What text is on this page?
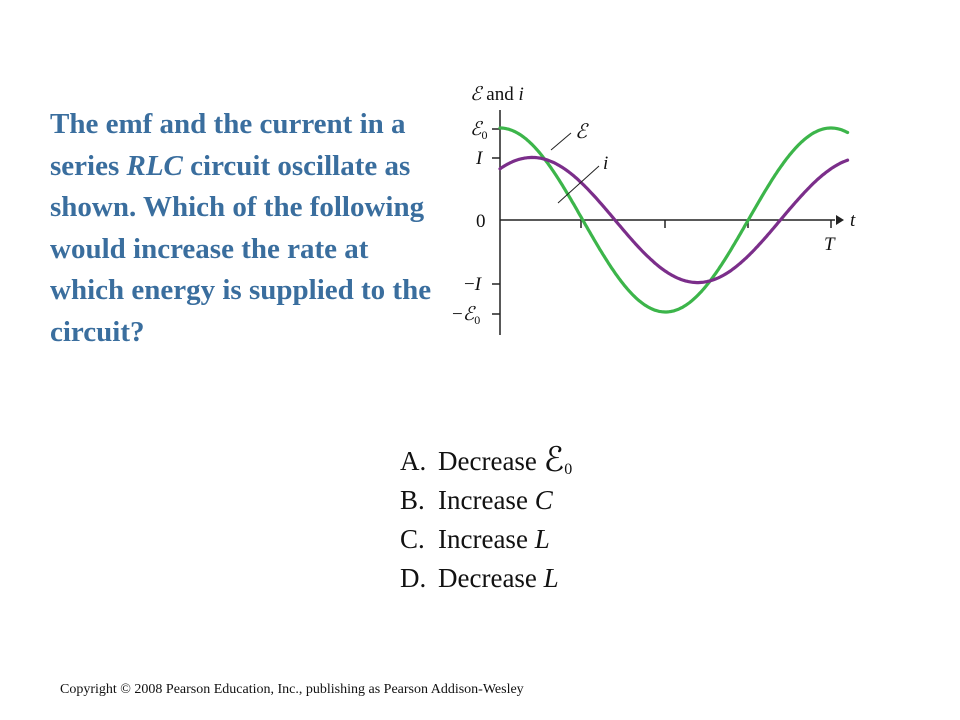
The emf and the current in a series RLC circuit oscillate as shown. Which of the following would increase the rate at which energy is supplied to the circuit?

ℰ and i
ℰ$_0$
I
0
−I
−ℰ$_0$
t
T
ℰ
i
A. Decrease ℰ0
B. Increase C
C. Increase L
D. Decrease L
Copyright © 2008 Pearson Education, Inc., publishing as Pearson Addison-Wesley
